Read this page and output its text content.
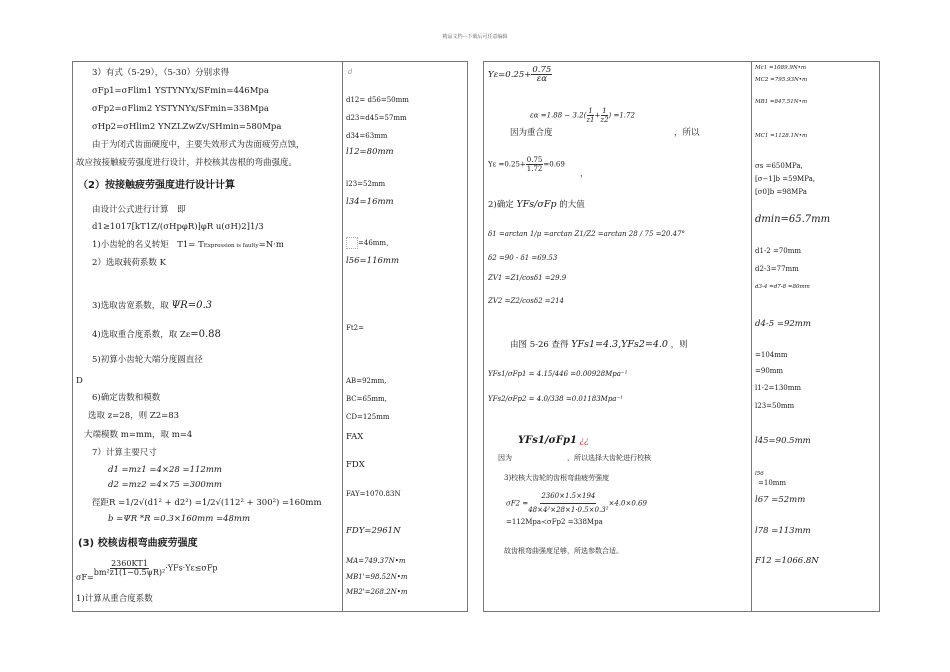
精品文档---下载后可任意编辑
3）有式（5-29），（5-30）分别求得
σFp1=σFlim1 YSTYNYx/SFmin=446Mpa
σFp2=σFlim2 YSTYNYx/SFmin=338Mpa
σHp2=σHlim2 YNZLZwZv/SHmin=580Mpa
由于为闭式齿面硬度中，主要失效形式为齿面疲劳点蚀，
故应按接触疲劳强度进行设计，并校核其齿根的弯曲强度。
（2）按接触疲劳强度进行设计计算
由设计公式进行计算　即
d1≥1017[kT1Z/(σHpφR)]φR u(σH)2]1/3
1)小齿轮的名义转矩　T1= TExpression is faulty=N·m
2）选取载荷系数 K
3)选取齿宽系数，取 ΨR=0.3
4)选取重合度系数，取 Zε=0.88
5)初算小齿轮大端分度圆直径
D
6)确定齿数和模数
选取 z=28，则 Z2=83
大端模数 m=mm，取 m=4
7）计算主要尺寸
d1 =mz1 =4×28 =112mm
d2 =mz2 =4×75 =300mm
徑距R =1/2√(d1² + d2²) =1/2√(112² + 300²) =160mm
b =ΨR *R =0.3×160mm =48mm
(3) 校核齿根弯曲疲劳强度
$\sigma F= \frac{2360KT1}{\text{bm²z1(1−0.5ψR)²}} \cdot YFs\cdot Y\varepsilon\le\sigma Fp$
1)计算从重合度系数
d
d12= d56=50mm
d23=d45=57mm
d34=63mm
l12=80mm
l23=52mm
l34=16mm
=46mm，
l56=116mm
Ft2=
AB=92mm,
BC=65mm,
CD=125mm
FAX
FDX
FAY=1070.83N
FDY=2961N
MA=749.37N•m
MB1'=98.52N•m
MB2'=268.2N•m
$Y\varepsilon=0.25+ \frac{0.75}{\varepsilon\alpha}$
$\varepsilon\alpha =1.88 - 3.2( \frac{1}{z1} + \frac{1}{z2}$ ) =1.72
因为重合度	，所以
$Y\varepsilon =0.25+ \frac{0.75}{1.72} =0.69$
，
2)确定 YFs/σFp 的大值
δ1 =arctan 1/μ =arctan Z1/Z2 =arctan 28 / 75 =20.47°
δ2 =90 - δ1 =69.53
ZV1 =Z1/cosδ1 =29.9
ZV2 =Z2/cosδ2 =214
由图 5-26 查得 YFs1=4.3,YFs2=4.0 ，则
YFs1/σFp1 = 4.15/446 =0.00928Mpa⁻¹
YFs2/σFp2 = 4.0/338 =0.01183Mpa⁻¹
YFs1/σFp1 ¿¿
因为	，所以选择大齿轮进行校核
3)校核大齿轮的齿根弯曲疲劳强度
$\sigma F2 = \frac{2360\times 1.5\times 194}{\text{48×4²×28×1·0.5×0.3²}} \times 4.0\times 0.69$
=112Mpa≺σFp2 =338Mpa
故齿根弯曲强度足够，所选参数合适。
Mc1 =1089.9N•m
MC2 =795.93N•m
MB1 =847.51N•m
MC1 =1128.1N•m
σs =650MPa,
[σ−1]b =59MPa,
[σ0]b =98MPa
dmin=65.7mm
d1-2 =70mm
d2-3=77mm
d3-4 =d7-8 =80mm
d4-5 =92mm
=104mm
=90mm
l1-2=130mm
l23=50mm
l45=90.5mm
l56
=10mm
l67 =52mm
l78 =113mm
F12 =1066.8N
